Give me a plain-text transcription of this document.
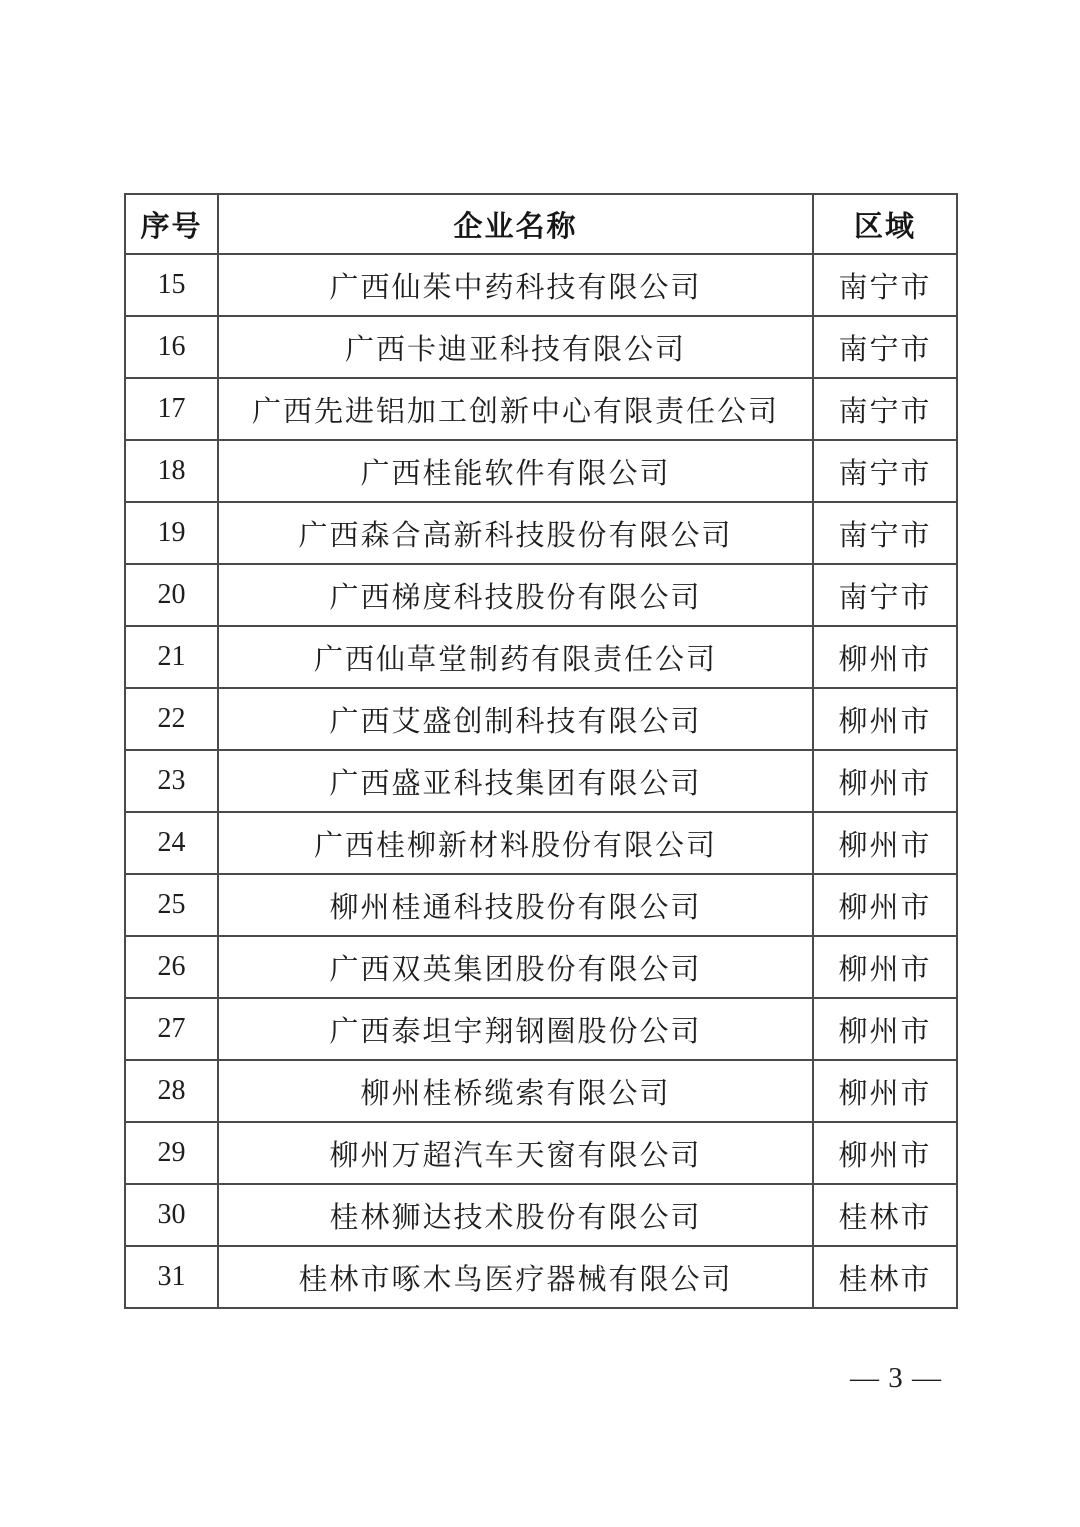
序号	企业名称	区域
15	广西仙茱中药科技有限公司	南宁市
16	广西卡迪亚科技有限公司	南宁市
17	广西先进铝加工创新中心有限责任公司	南宁市
18	广西桂能软件有限公司	南宁市
19	广西森合高新科技股份有限公司	南宁市
20	广西梯度科技股份有限公司	南宁市
21	广西仙草堂制药有限责任公司	柳州市
22	广西艾盛创制科技有限公司	柳州市
23	广西盛亚科技集团有限公司	柳州市
24	广西桂柳新材料股份有限公司	柳州市
25	柳州桂通科技股份有限公司	柳州市
26	广西双英集团股份有限公司	柳州市
27	广西泰坦宇翔钢圈股份公司	柳州市
28	柳州桂桥缆索有限公司	柳州市
29	柳州万超汽车天窗有限公司	柳州市
30	桂林狮达技术股份有限公司	桂林市
31	桂林市啄木鸟医疗器械有限公司	桂林市
— 3 —
